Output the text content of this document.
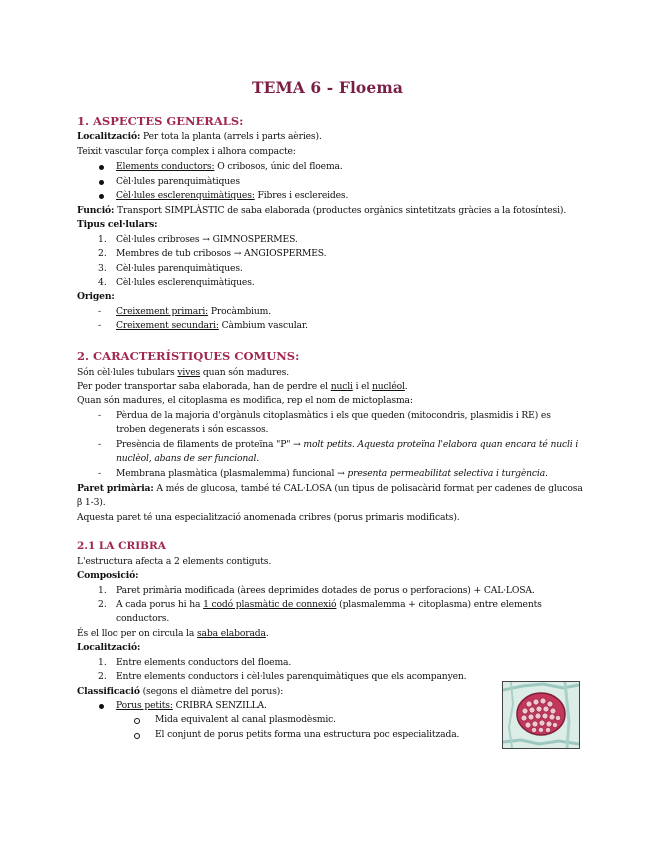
TEMA 6 - Floema
1. ASPECTES GENERALS:
Localització: Per tota la planta (arrels i parts aèries).
Teixit vascular força complex i alhora compacte:
Elements conductors: O cribosos, únic del floema.
Cèl·lules parenquimàtiques
Cèl·lules esclerenquimàtiques: Fibres i esclereides.
Funció: Transport SIMPLÀSTIC de saba elaborada (productes orgànics sintetitzats gràcies a la fotosíntesi).
Tipus cel·lulars:
1. Cèl·lules cribroses → GIMNOSPERMES.
2. Membres de tub cribosos → ANGIOSPERMES.
3. Cèl·lules parenquimàtiques.
4. Cèl·lules esclerenquimàtiques.
Origen:
- Creixement primari: Procàmbium.
- Creixement secundari: Càmbium vascular.
2. CARACTERÍSTIQUES COMUNS:
Són cèl·lules tubulars vives quan són madures.
Per poder transportar saba elaborada, han de perdre el nucli i el nucléol.
Quan són madures, el citoplasma es modifica, rep el nom de mictoplasma:
- Pèrdua de la majoria d'orgànuls citoplasmàtics i els que queden (mitocondris, plasmidis i RE) es
troben degenerats i són escassos.
- Presència de filaments de proteïna "P" → molt petits. Aquesta proteïna l'elabora quan encara té nucli i
nuclèol, abans de ser funcional.
- Membrana plasmàtica (plasmalemma) funcional → presenta permeabilitat selectiva i turgència.
Paret primària: A més de glucosa, també té CAL·LOSA (un tipus de polisacàrid format per cadenes de glucosa
β 1-3).
Aquesta paret té una especialització anomenada cribres (porus primaris modificats).
2.1 LA CRIBRA
L'estructura afecta a 2 elements contiguts.
Composició:
1. Paret primària modificada (àrees deprimides dotades de porus o perforacions) + CAL·LOSA.
2. A cada porus hi ha 1 codó plasmàtic de connexió (plasmalemma + citoplasma) entre elements
conductors.
És el lloc per on circula la saba elaborada.
Localització:
1. Entre elements conductors del floema.
2. Entre elements conductors i cèl·lules parenquimàtiques que els acompanyen.
Classificació (segons el diàmetre del porus):
Porus petits: CRIBRA SENZILLA.
Mida equivalent al canal plasmodèsmic.
El conjunt de porus petits forma una estructura poc especialitzada.
